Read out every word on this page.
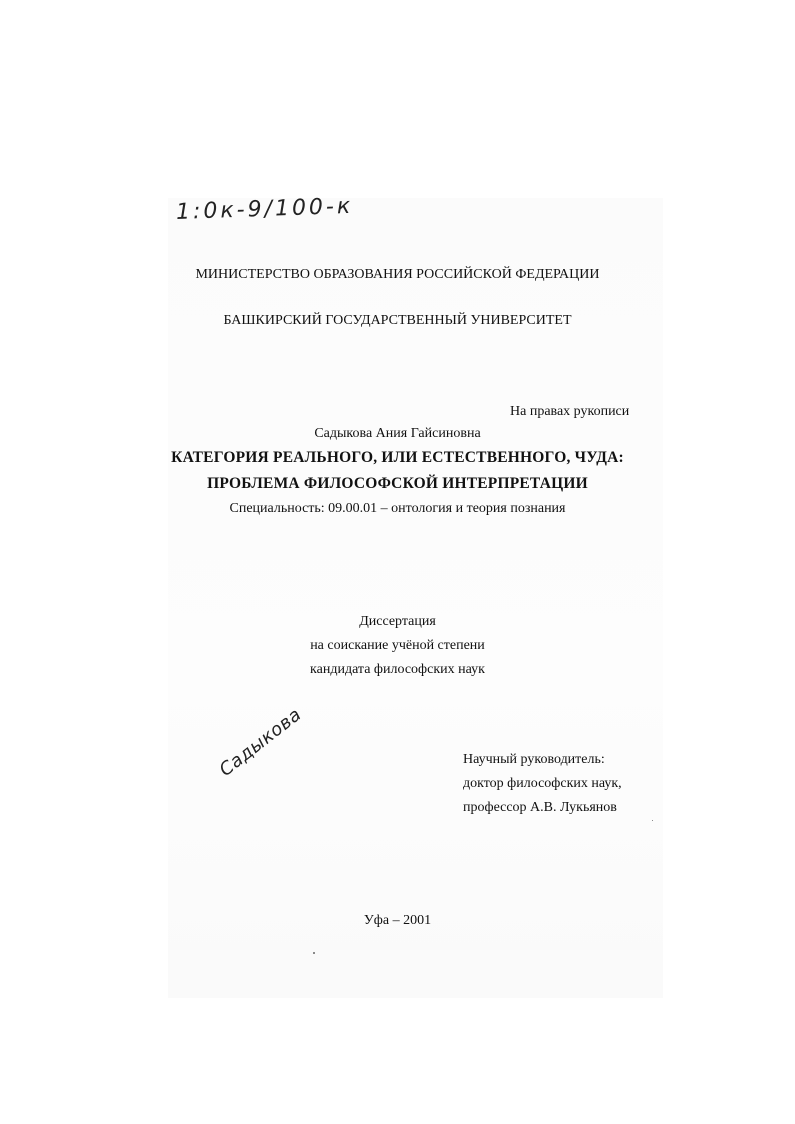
1:0к-9/100-к
МИНИСТЕРСТВО ОБРАЗОВАНИЯ РОССИЙСКОЙ ФЕДЕРАЦИИ
БАШКИРСКИЙ ГОСУДАРСТВЕННЫЙ УНИВЕРСИТЕТ
На правах рукописи
Садыкова Ания Гайсиновна
КАТЕГОРИЯ РЕАЛЬНОГО, ИЛИ ЕСТЕСТВЕННОГО, ЧУДА:
ПРОБЛЕМА ФИЛОСОФСКОЙ ИНТЕРПРЕТАЦИИ
Специальность: 09.00.01 – онтология и теория познания
Диссертация
на соискание учёной степени
кандидата философских наук
Садыкова	Научный руководитель:
доктор философских наук,
профессор А.В. Лукьянов
Уфа – 2001
